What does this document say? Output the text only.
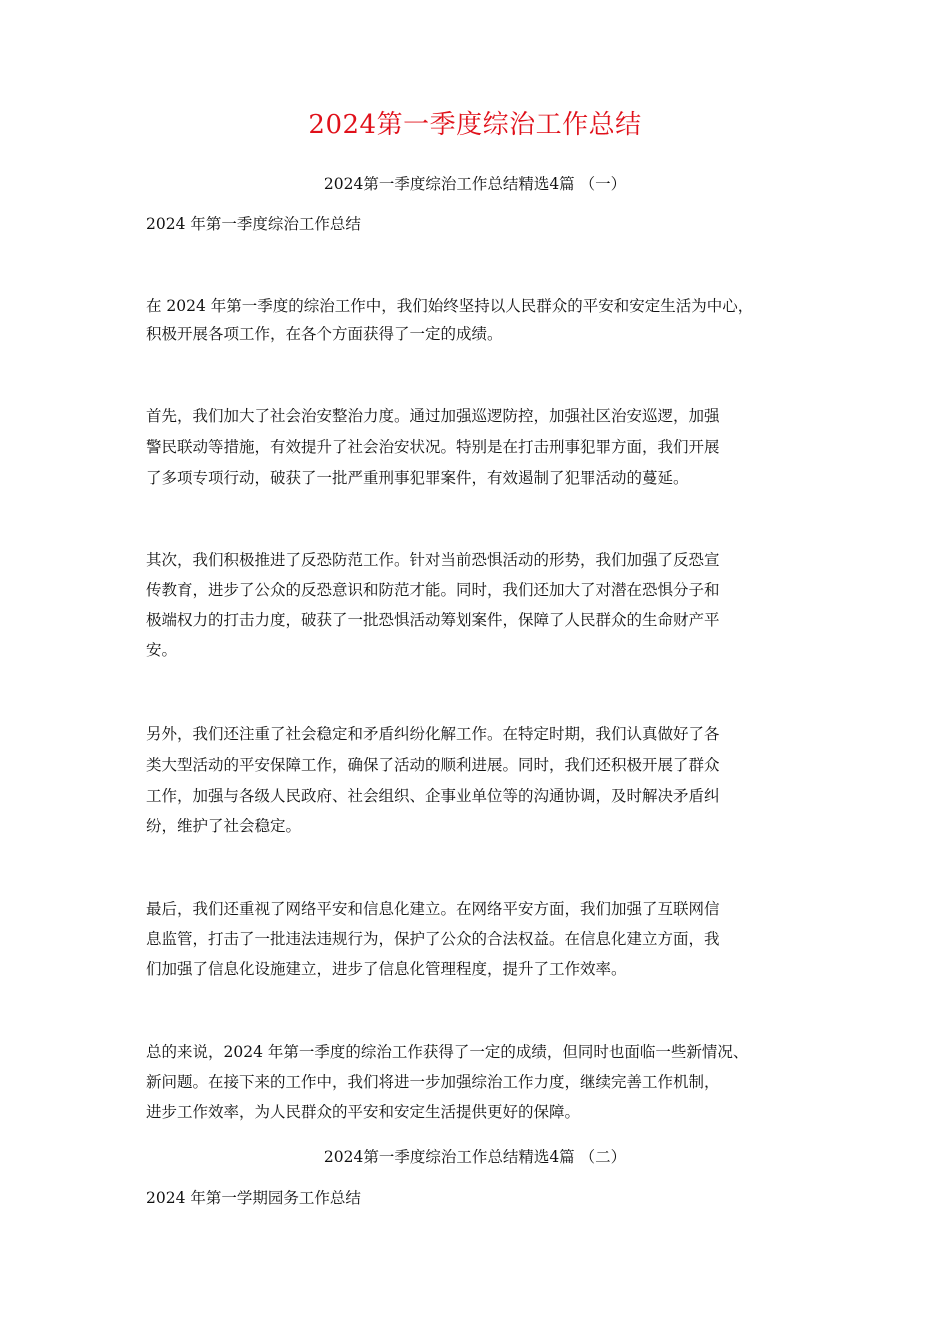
2024第一季度综治工作总结
2024第一季度综治工作总结精选4篇 （一）
2024 年第一季度综治工作总结
在 2024 年第一季度的综治工作中，我们始终坚持以人民群众的平安和安定生活为中心，
积极开展各项工作，在各个方面获得了一定的成绩。
首先，我们加大了社会治安整治力度。通过加强巡逻防控，加强社区治安巡逻，加强
警民联动等措施，有效提升了社会治安状况。特别是在打击刑事犯罪方面，我们开展
了多项专项行动，破获了一批严重刑事犯罪案件，有效遏制了犯罪活动的蔓延。
其次，我们积极推进了反恐防范工作。针对当前恐惧活动的形势，我们加强了反恐宣
传教育，进步了公众的反恐意识和防范才能。同时，我们还加大了对潜在恐惧分子和
极端权力的打击力度，破获了一批恐惧活动筹划案件，保障了人民群众的生命财产平
安。
另外，我们还注重了社会稳定和矛盾纠纷化解工作。在特定时期，我们认真做好了各
类大型活动的平安保障工作，确保了活动的顺利进展。同时，我们还积极开展了群众
工作，加强与各级人民政府、社会组织、企事业单位等的沟通协调，及时解决矛盾纠
纷，维护了社会稳定。
最后，我们还重视了网络平安和信息化建立。在网络平安方面，我们加强了互联网信
息监管，打击了一批违法违规行为，保护了公众的合法权益。在信息化建立方面，我
们加强了信息化设施建立，进步了信息化管理程度，提升了工作效率。
总的来说，2024 年第一季度的综治工作获得了一定的成绩，但同时也面临一些新情况、
新问题。在接下来的工作中，我们将进一步加强综治工作力度，继续完善工作机制，
进步工作效率，为人民群众的平安和安定生活提供更好的保障。
2024第一季度综治工作总结精选4篇 （二）
2024 年第一学期园务工作总结
